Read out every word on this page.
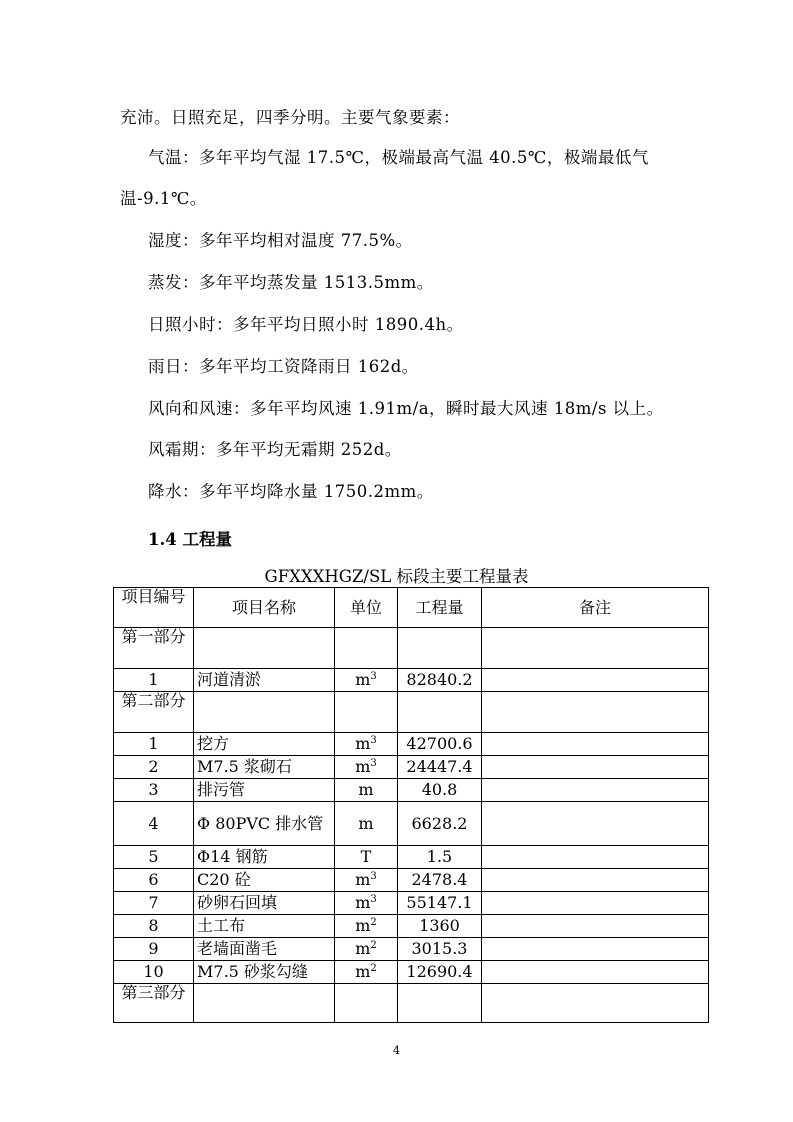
充沛。日照充足，四季分明。主要气象要素：
气温：多年平均气湿 17.5℃，极端最高气温 40.5℃，极端最低气
温-9.1℃。
湿度：多年平均相对温度 77.5%。
蒸发：多年平均蒸发量 1513.5mm。
日照小时：多年平均日照小时 1890.4h。
雨日：多年平均工资降雨日 162d。
风向和风速：多年平均风速 1.91m/a，瞬时最大风速 18m/s 以上。
风霜期：多年平均无霜期 252d。
降水：多年平均降水量 1750.2mm。
1.4 工程量
GFXXXHGZ/SL 标段主要工程量表
项目编号	项目名称	单位	工程量	备注
第一部分				
1	河道清淤	$m^3$	82840.2	
第二部分				
1	挖方	$m^3$	42700.6	
2	M7.5 浆砌石	$m^3$	24447.4	
3	排污管	m	40.8	
4	Φ 80PVC 排水管	m	6628.2	
5	Φ14 钢筋	T	1.5	
6	C20 砼	$m^3$	2478.4	
7	砂卵石回填	$m^3$	55147.1	
8	土工布	$m^2$	1360	
9	老墙面凿毛	$m^2$	3015.3	
10	M7.5 砂浆勾缝	$m^2$	12690.4	
第三部分				
4
